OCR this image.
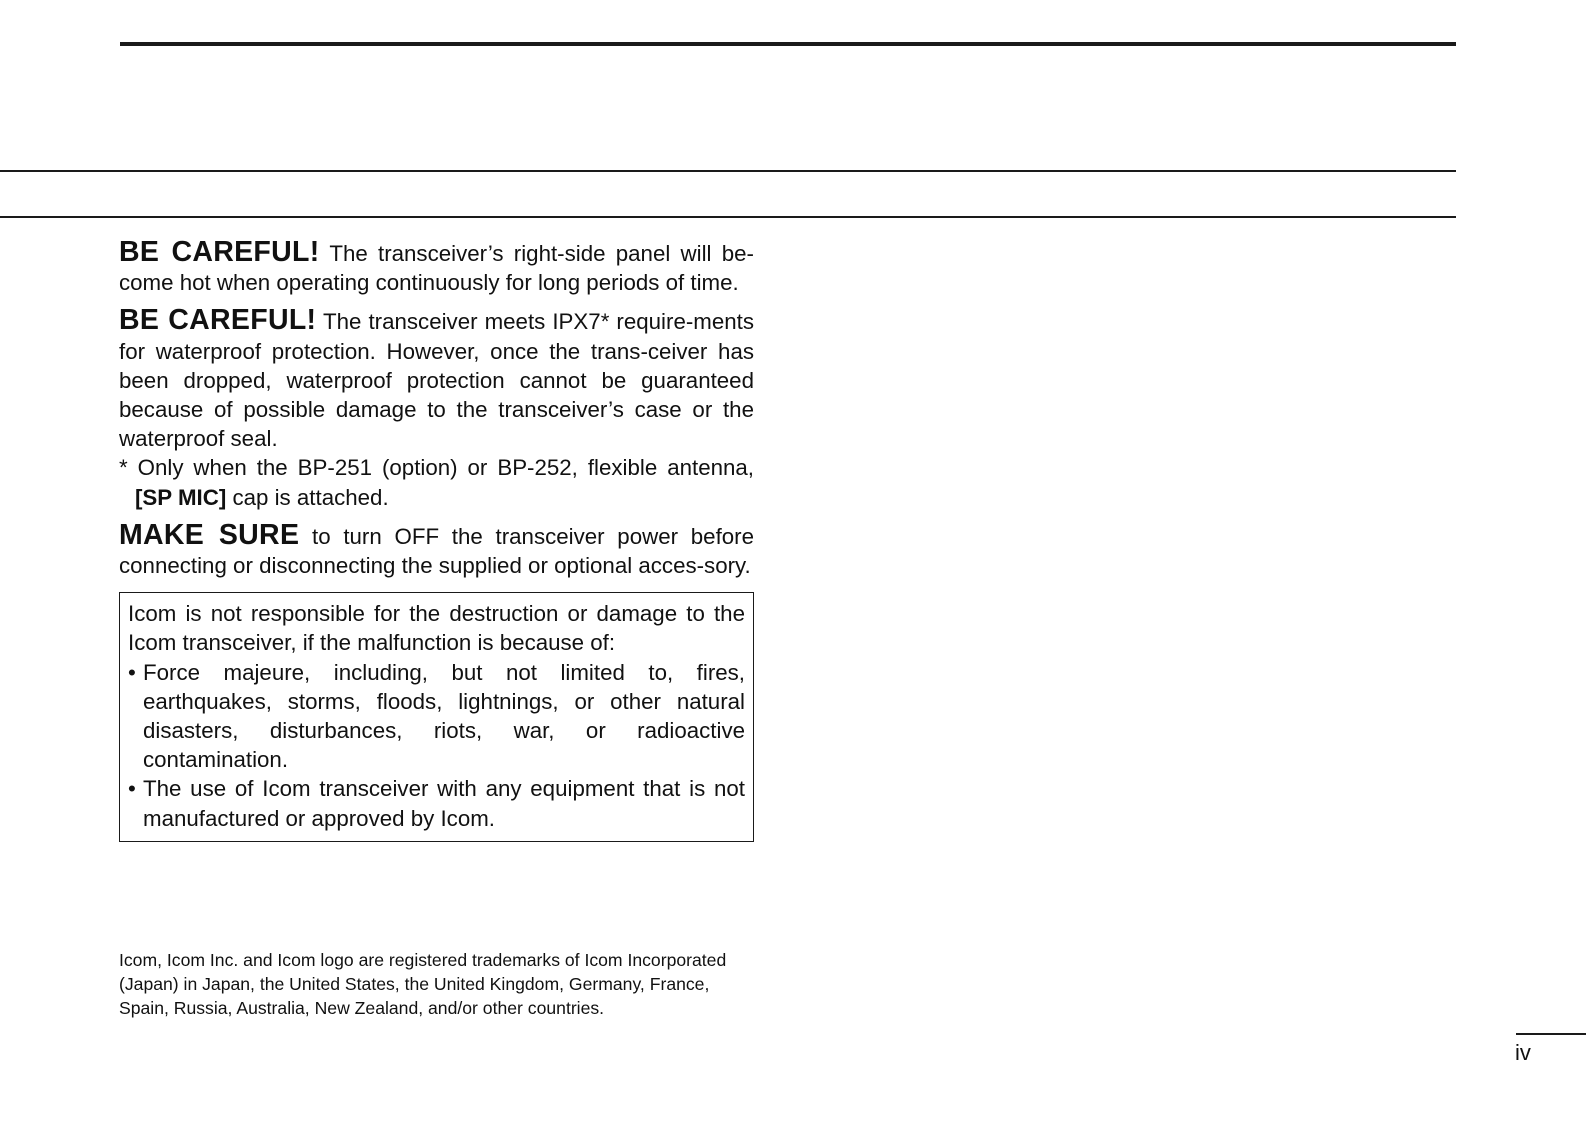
BE CAREFUL! The transceiver’s right-side panel will be-come hot when operating continuously for long periods of time.

BE CAREFUL! The transceiver meets IPX7* require-ments for waterproof protection. However, once the trans-ceiver has been dropped, waterproof protection cannot be guaranteed because of possible damage to the transceiver’s case or the waterproof seal.

* Only when the BP-251 (option) or BP-252, flexible antenna, [SP MIC] cap is attached.

MAKE SURE to turn OFF the transceiver power before connecting or disconnecting the supplied or optional acces-sory.

Icom is not responsible for the destruction or damage to the Icom transceiver, if the malfunction is because of:

• Force majeure, including, but not limited to, fires, earthquakes, storms, floods, lightnings, or other natural disasters, disturbances, riots, war, or radioactive contamination.
• The use of Icom transceiver with any equipment that is not manufactured or approved by Icom.

Icom, Icom Inc. and Icom logo are registered trademarks of Icom Incorporated (Japan) in Japan, the United States, the United Kingdom, Germany, France, Spain, Russia, Australia, New Zealand, and/or other countries.

iv
